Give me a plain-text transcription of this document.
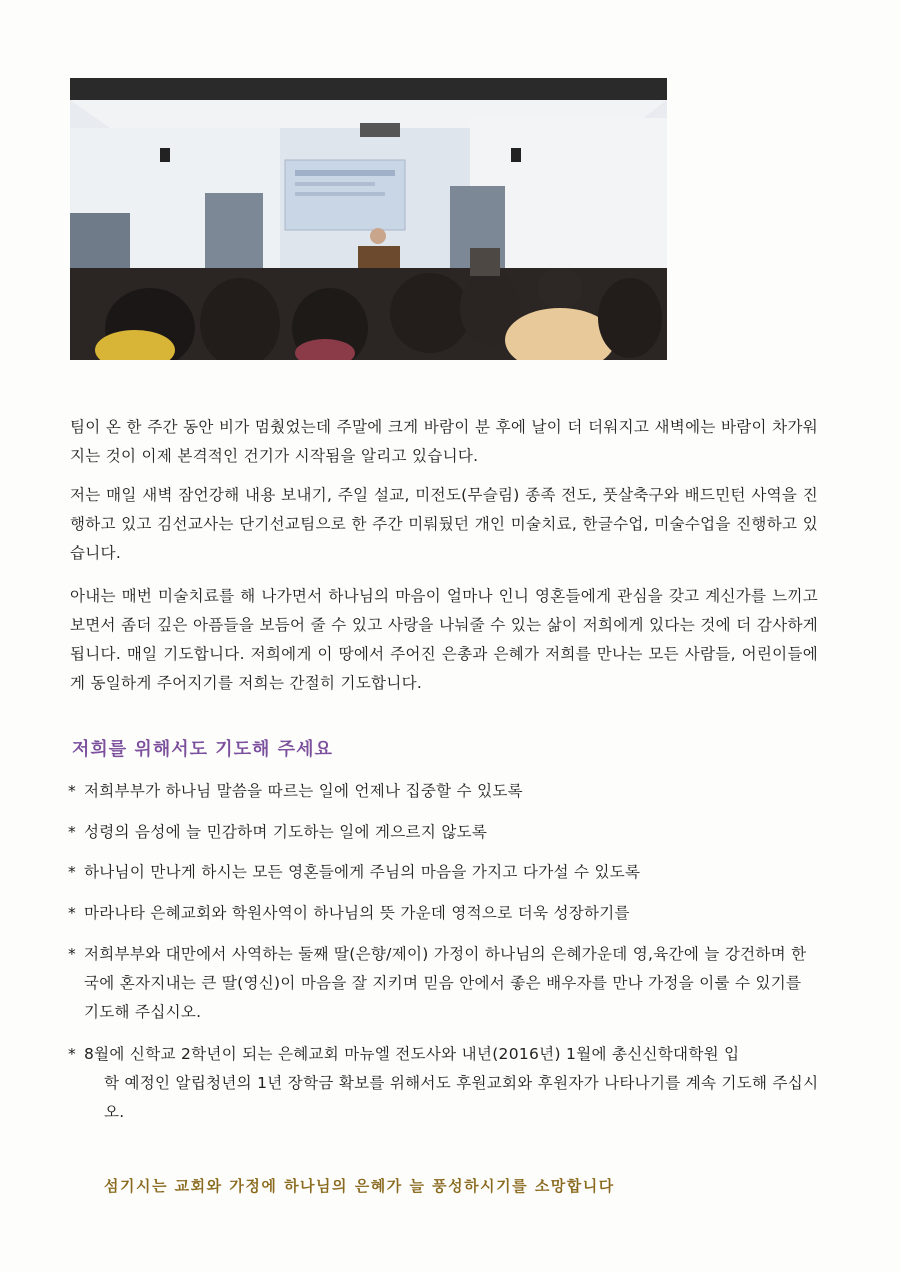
팀이 온 한 주간 동안 비가 멈췄었는데 주말에 크게 바람이 분 후에 날이 더 더워지고 새벽에는 바람이 차가워지는 것이 이제 본격적인 건기가 시작됨을 알리고 있습니다.

저는 매일 새벽 잠언강해 내용 보내기, 주일 설교, 미전도(무슬림) 종족 전도, 풋살축구와 배드민턴 사역을 진행하고 있고 김선교사는 단기선교팀으로 한 주간 미뤄뒀던 개인 미술치료, 한글수업, 미술수업을 진행하고 있습니다.

아내는 매번 미술치료를 해 나가면서 하나님의 마음이 얼마나 인니 영혼들에게 관심을 갖고 계신가를 느끼고 보면서 좀더 깊은 아픔들을 보듬어 줄 수 있고 사랑을 나눠줄 수 있는 삶이 저희에게 있다는 것에 더 감사하게 됩니다. 매일 기도합니다. 저희에게 이 땅에서 주어진 은총과 은혜가 저희를 만나는 모든 사람들, 어린이들에게 동일하게 주어지기를 저희는 간절히 기도합니다.

저희를 위해서도 기도해 주세요

* 저희부부가 하나님 말씀을 따르는 일에 언제나 집중할 수 있도록

* 성령의 음성에 늘 민감하며 기도하는 일에 게으르지 않도록

* 하나님이 만나게 하시는 모든 영혼들에게 주님의 마음을 가지고 다가설 수 있도록

* 마라나타 은혜교회와 학원사역이 하나님의 뜻 가운데 영적으로 더욱 성장하기를

* 저희부부와 대만에서 사역하는 둘째 딸(은향/제이) 가정이 하나님의 은혜가운데 영,육간에 늘 강건하며 한국에 혼자지내는 큰 딸(영신)이 마음을 잘 지키며 믿음 안에서 좋은 배우자를 만나 가정을 이룰 수 있기를 기도해 주십시오.

* 8월에 신학교 2학년이 되는 은혜교회 마뉴엘 전도사와 내년(2016년) 1월에 총신신학대학원 입
학 예정인 알립청년의 1년 장학금 확보를 위해서도 후원교회와 후원자가 나타나기를 계속 기도해 주십시오.

섬기시는 교회와 가정에 하나님의 은혜가 늘 풍성하시기를 소망합니다
